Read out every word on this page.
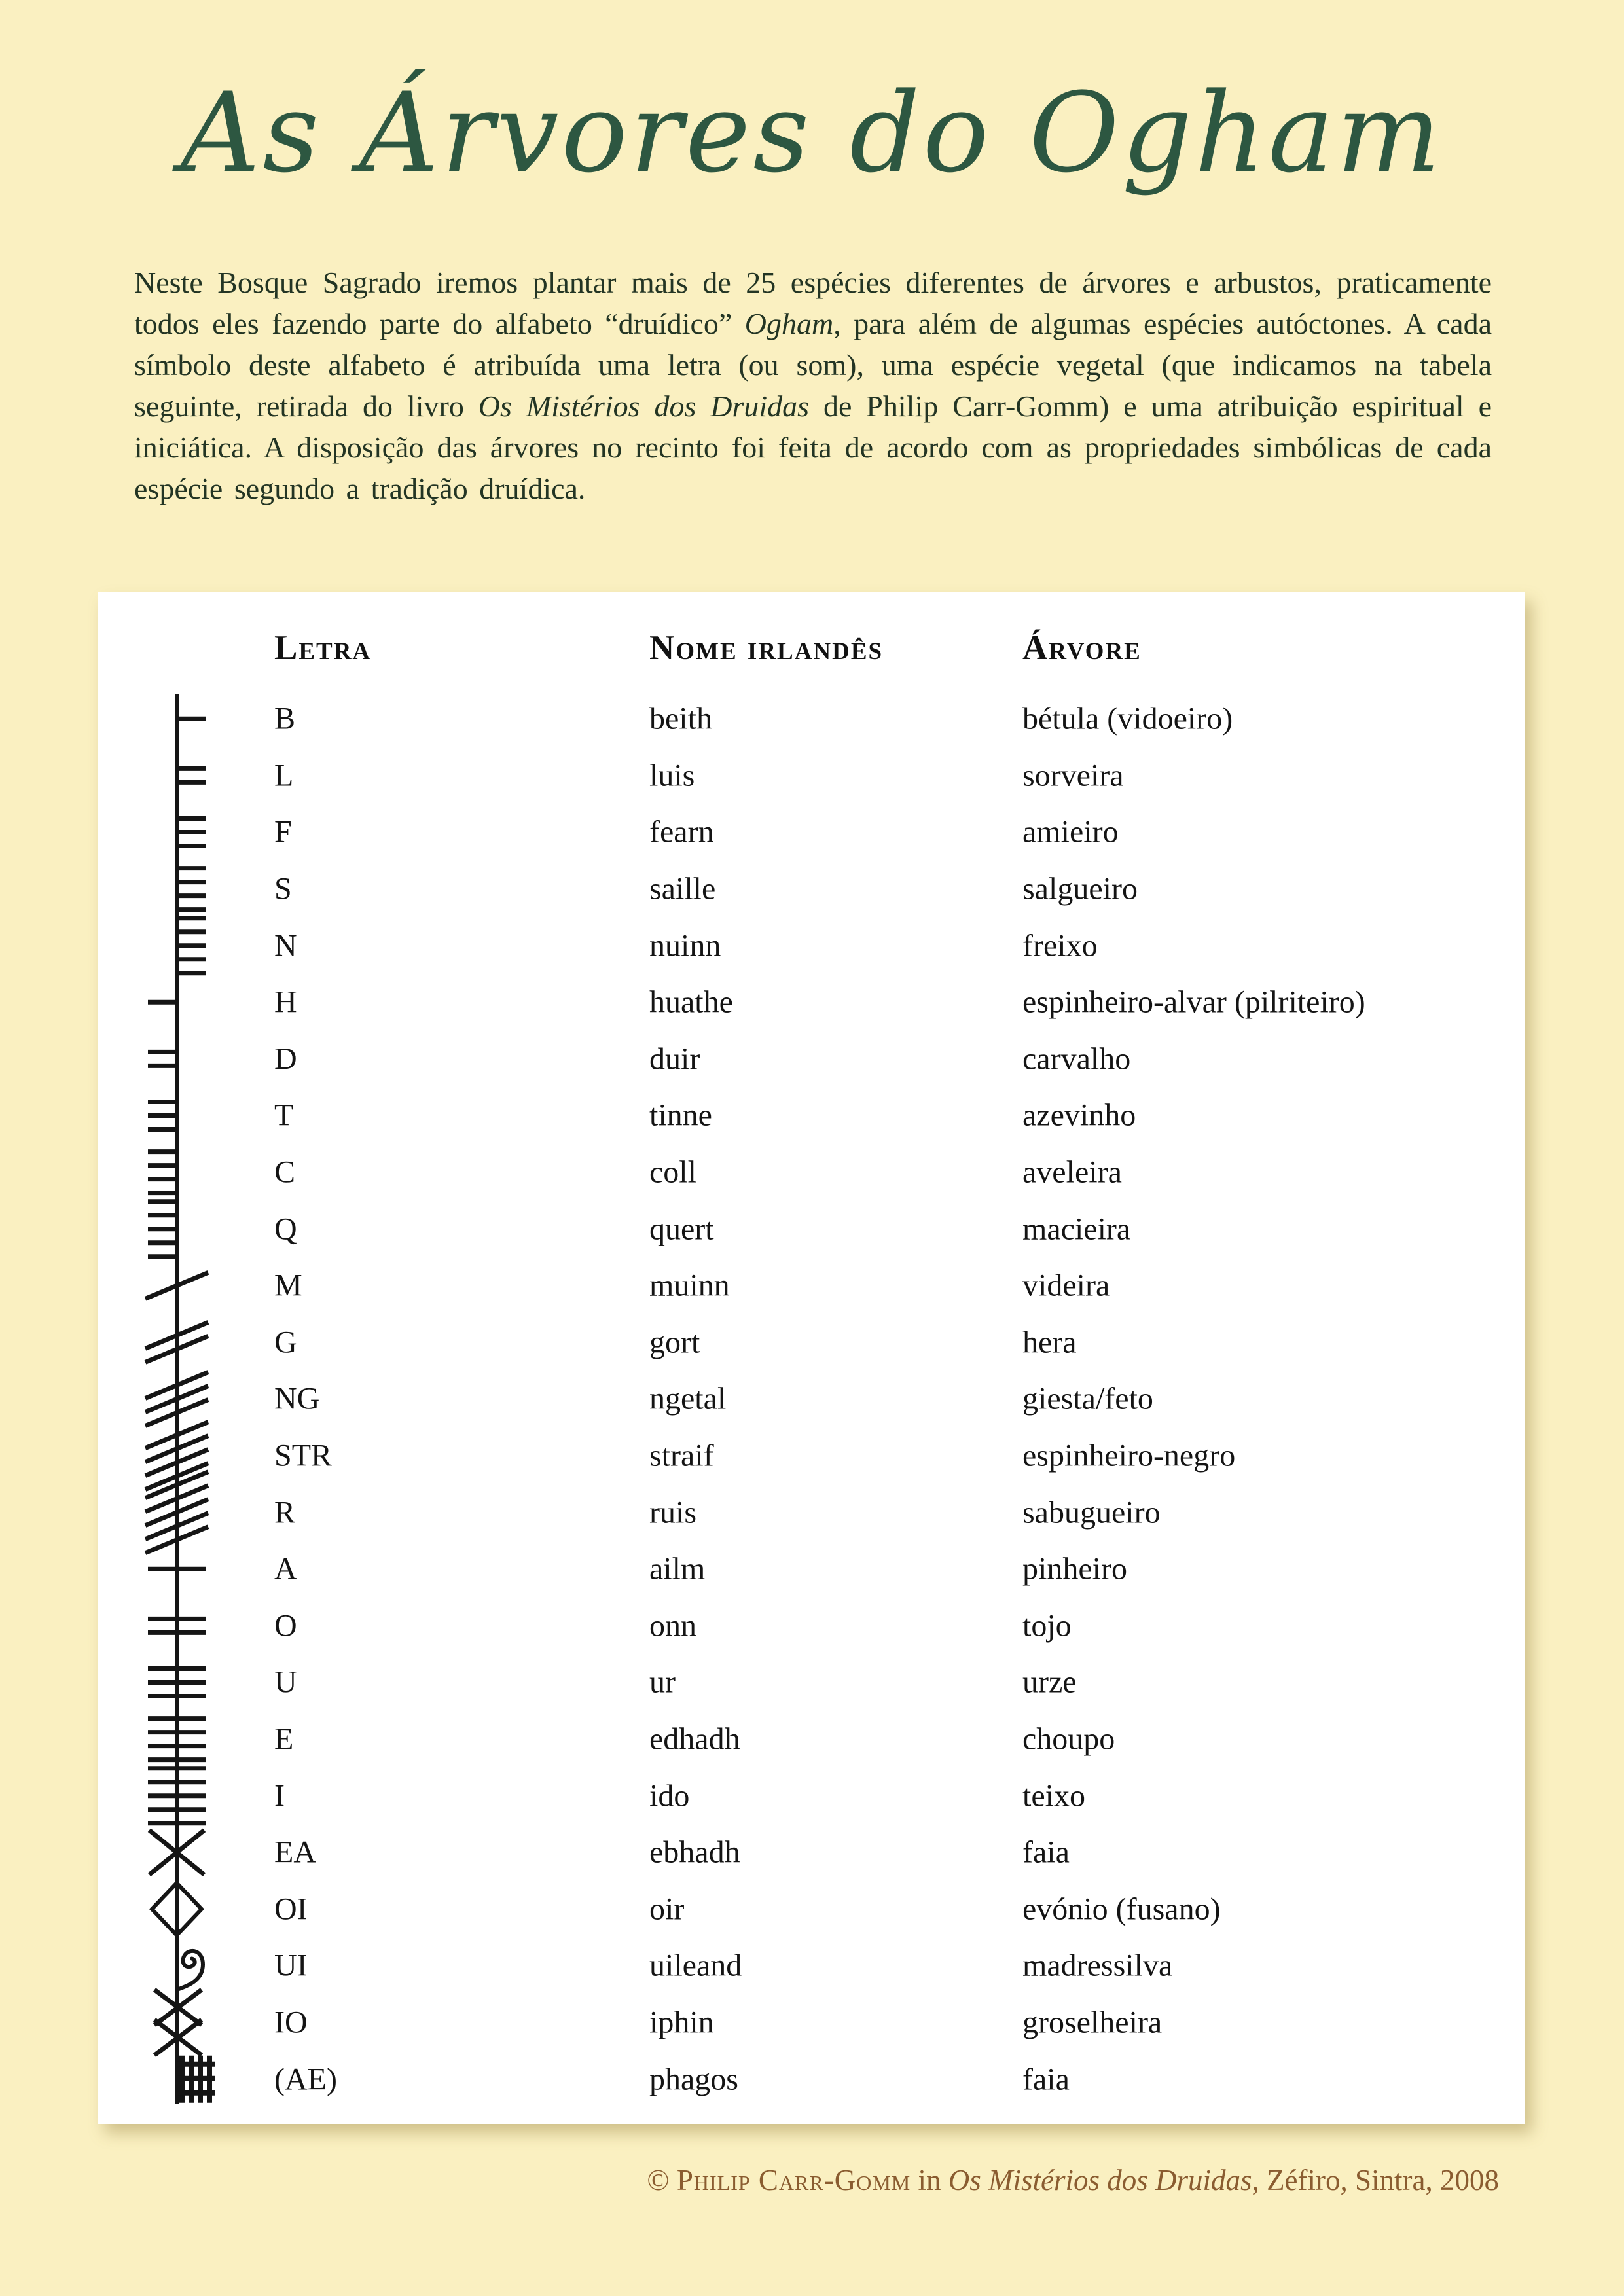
As Árvores do Ogham

Neste Bosque Sagrado iremos plantar mais de 25 espécies diferentes de árvores e arbustos, praticamente todos eles fazendo parte do alfabeto “druídico” Ogham, para além de algumas espécies autóctones. A cada símbolo deste alfabeto é atribuída uma letra (ou som), uma espécie vegetal (que indicamos na tabela seguinte, retirada do livro Os Mistérios dos Druidas de Philip Carr-Gomm) e uma atribuição espiritual e iniciática. A disposição das árvores no recinto foi feita de acordo com as propriedades simbólicas de cada espécie segundo a tradição druídica.

Letra	Nome irlandês	Árvore
B	beith	bétula (vidoeiro)
L	luis	sorveira
F	fearn	amieiro
S	saille	salgueiro
N	nuinn	freixo
H	huathe	espinheiro-alvar (pilriteiro)
D	duir	carvalho
T	tinne	azevinho
C	coll	aveleira
Q	quert	macieira
M	muinn	videira
G	gort	hera
NG	ngetal	giesta/feto
STR	straif	espinheiro-negro
R	ruis	sabugueiro
A	ailm	pinheiro
O	onn	tojo
U	ur	urze
E	edhadh	choupo
I	ido	teixo
EA	ebhadh	faia
OI	oir	evónio (fusano)
UI	uileand	madressilva
IO	iphin	groselheira
(AE)	phagos	faia
© Philip Carr-Gomm in Os Mistérios dos Druidas, Zéfiro, Sintra, 2008
